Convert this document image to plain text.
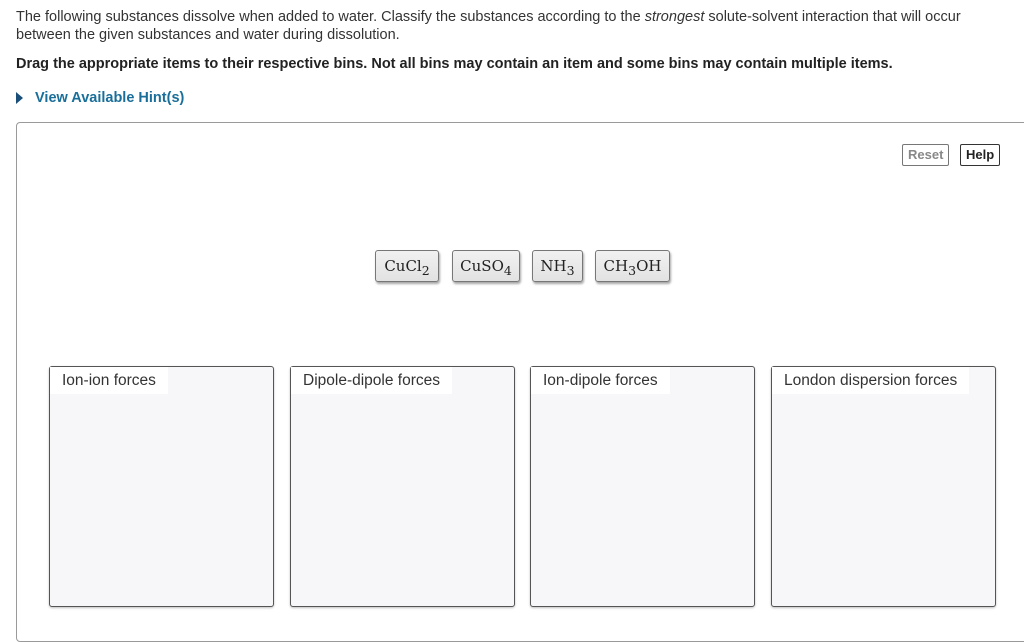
The following substances dissolve when added to water. Classify the substances according to the strongest solute-solvent interaction that will occur between the given substances and water during dissolution.
Drag the appropriate items to their respective bins. Not all bins may contain an item and some bins may contain multiple items.
View Available Hint(s)
Reset	Help
CuCl$_2$	CuSO$_4$	$NH_3$	$CH_3OH$
Ion-ion forces	Dipole-dipole forces	Ion-dipole forces	London dispersion forces
